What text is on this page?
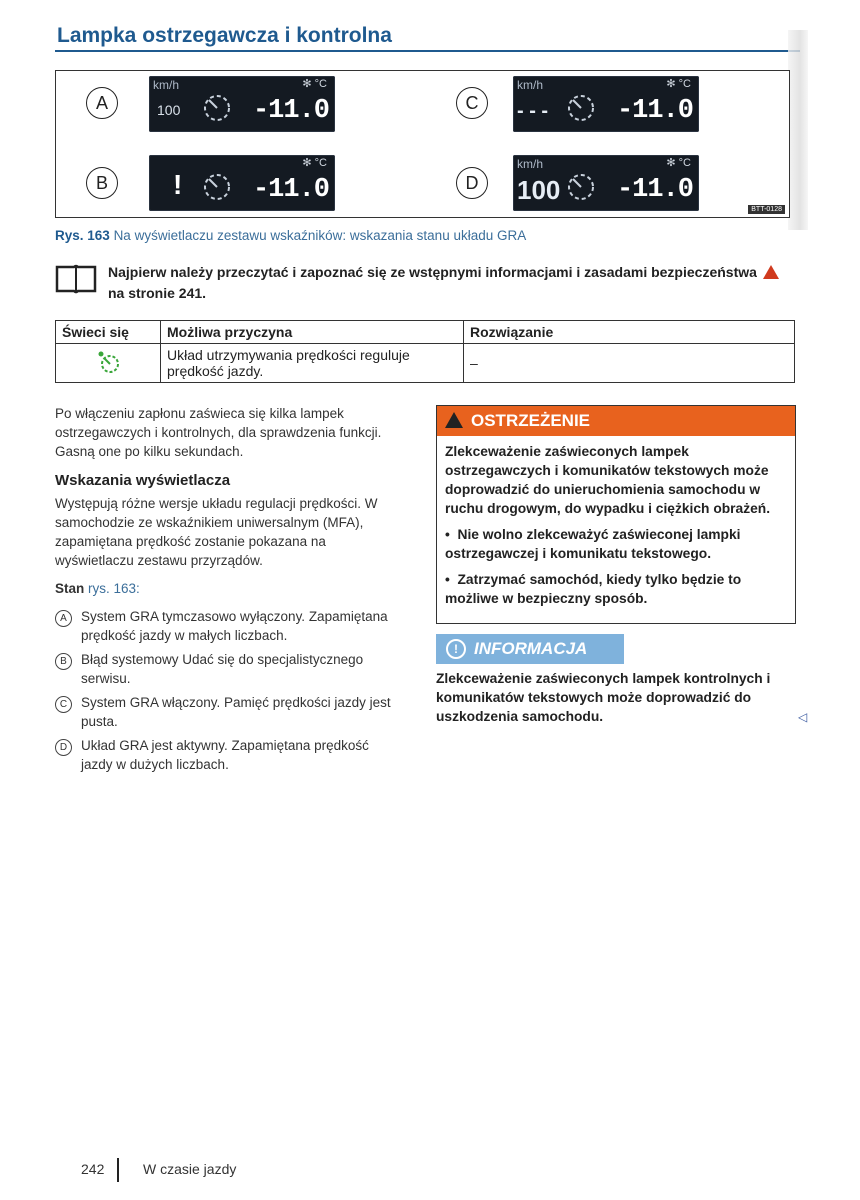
Lampka ostrzegawcza i kontrolna
A
km/h
100
✻ °C
-11.0
B	!
✻ °C
-11.0
C
km/h
- - -
✻ °C
-11.0
D
km/h
100
✻ °C
-11.0
BTT-0128
Rys. 163 Na wyświetlaczu zestawu wskaźników: wskazania stanu układu GRA
Najpierw należy przeczytać i zapoznać się ze wstępnymi informacjami i zasadami bezpieczeństwa  na stronie 241.
Świeci się	Możliwa przyczyna	Rozwiązanie
	Układ utrzymywania prędkości reguluje prędkość jazdy.	–

Po włączeniu zapłonu zaświeca się kilka lampek ostrzegawczych i kontrolnych, dla sprawdzenia funkcji. Gasną one po kilku sekundach.

Wskazania wyświetlacza

Występują różne wersje układu regulacji prędkości. W samochodzie ze wskaźnikiem uniwersalnym (MFA), zapamiętana prędkość zostanie pokazana na wyświetlaczu zestawu przyrządów.

Stan rys. 163:

A	System GRA tymczasowo wyłączony. Zapamiętana prędkość jazdy w małych liczbach.
B	Błąd systemowy Udać się do specjalistycznego serwisu.
C	System GRA włączony. Pamięć prędkości jazdy jest pusta.
D	Układ GRA jest aktywny. Zapamiętana prędkość jazdy w dużych liczbach.
OSTRZEŻENIE

Zlekceważenie zaświeconych lampek ostrzegawczych i komunikatów tekstowych może doprowadzić do unieruchomienia samochodu w ruchu drogowym, do wypadku i ciężkich obrażeń.

•  Nie wolno zlekceważyć zaświeconej lampki ostrzegawczej i komunikatu tekstowego.

•  Zatrzymać samochód, kiedy tylko będzie to możliwe w bezpieczny sposób.

! INFORMACJA
Zlekceważenie zaświeconych lampek kontrolnych i komunikatów tekstowych może doprowadzić do uszkodzenia samochodu.	◁
242	W czasie jazdy
